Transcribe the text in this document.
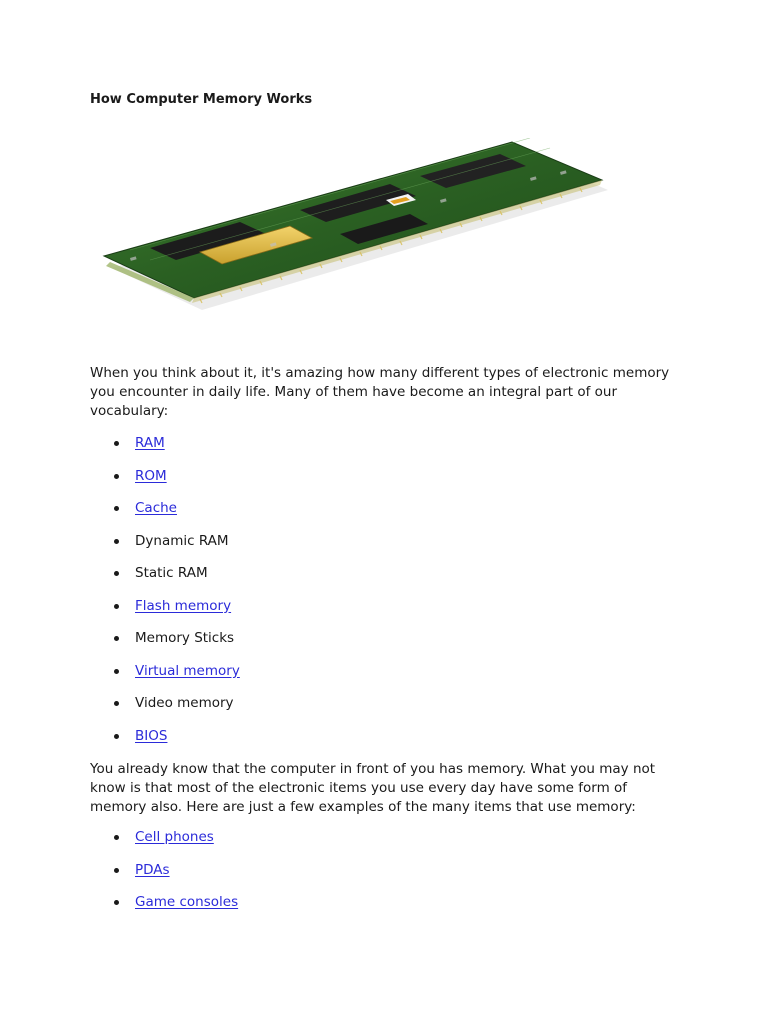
How Computer Memory Works

When you think about it, it's amazing how many different types of electronic memory you encounter in daily life. Many of them have become an integral part of our vocabulary:

RAM
ROM
Cache
Dynamic RAM
Static RAM
Flash memory
Memory Sticks
Virtual memory
Video memory
BIOS

You already know that the computer in front of you has memory. What you may not know is that most of the electronic items you use every day have some form of memory also. Here are just a few examples of the many items that use memory:

Cell phones
PDAs
Game consoles
